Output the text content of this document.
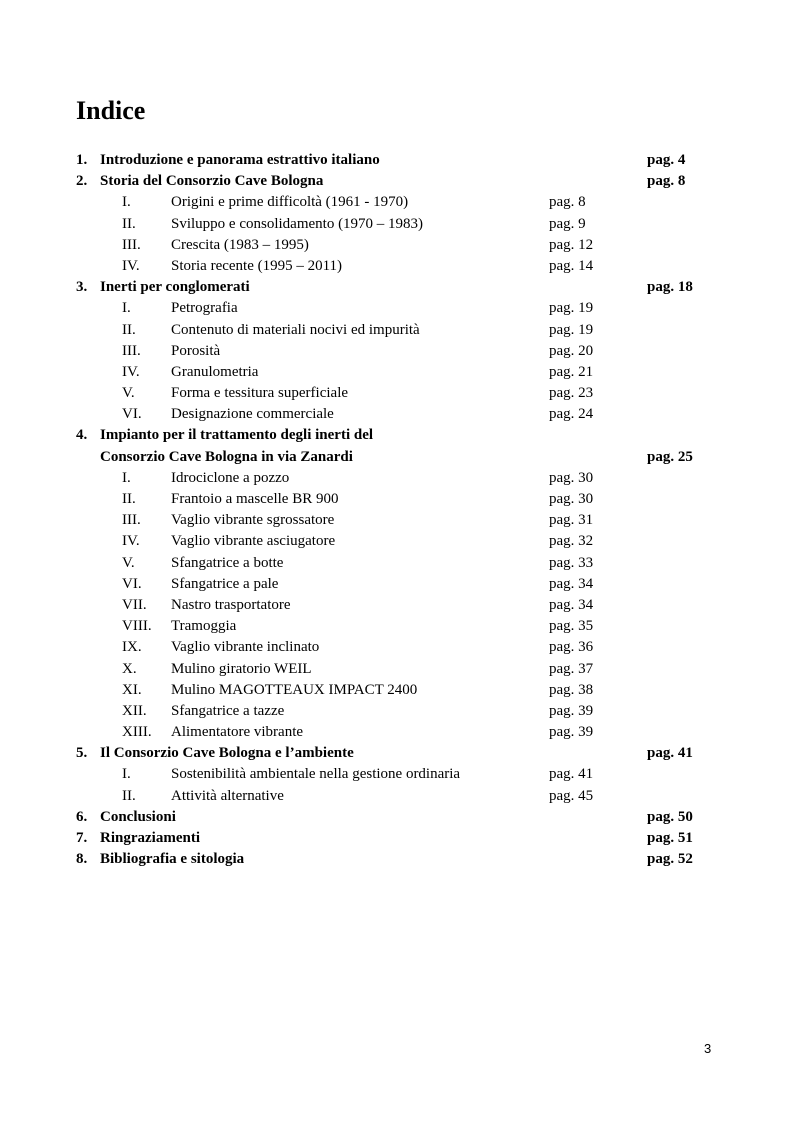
Indice
1. Introduzione e panorama estrattivo italiano	pag. 4
2. Storia del Consorzio Cave Bologna	pag. 8
I.	Origini e prime difficoltà (1961 - 1970)	pag. 8
II. Sviluppo e consolidamento (1970 – 1983)	pag. 9
III. Crescita (1983 – 1995)	pag. 12
IV. Storia recente (1995 – 2011)	pag. 14
3. Inerti per conglomerati	pag. 18
I.	Petrografia	pag. 19
II. Contenuto di materiali nocivi ed impurità	pag. 19
III. Porosità	pag. 20
IV. Granulometria	pag. 21
V. Forma e tessitura superficiale	pag. 23
VI. Designazione commerciale	pag. 24
4. Impianto per il trattamento degli inerti del
Consorzio Cave Bologna in via Zanardi	pag. 25
I.	Idrociclone a pozzo	pag. 30
II. Frantoio a mascelle BR 900	pag. 30
III. Vaglio vibrante sgrossatore	pag. 31
IV. Vaglio vibrante asciugatore	pag. 32
V. Sfangatrice a botte	pag. 33
VI. Sfangatrice a pale	pag. 34
VII. Nastro trasportatore	pag. 34
VIII. Tramoggia	pag. 35
IX. Vaglio vibrante inclinato	pag. 36
X. Mulino giratorio WEIL	pag. 37
XI. Mulino MAGOTTEAUX IMPACT 2400	pag. 38
XII. Sfangatrice a tazze	pag. 39
XIII. Alimentatore vibrante	pag. 39
5. Il Consorzio Cave Bologna e l’ambiente	pag. 41
I.	Sostenibilità ambientale nella gestione ordinaria	pag. 41
II. Attività alternative	pag. 45
6. Conclusioni	pag. 50
7. Ringraziamenti	pag. 51
8. Bibliografia e sitologia	pag. 52

3
